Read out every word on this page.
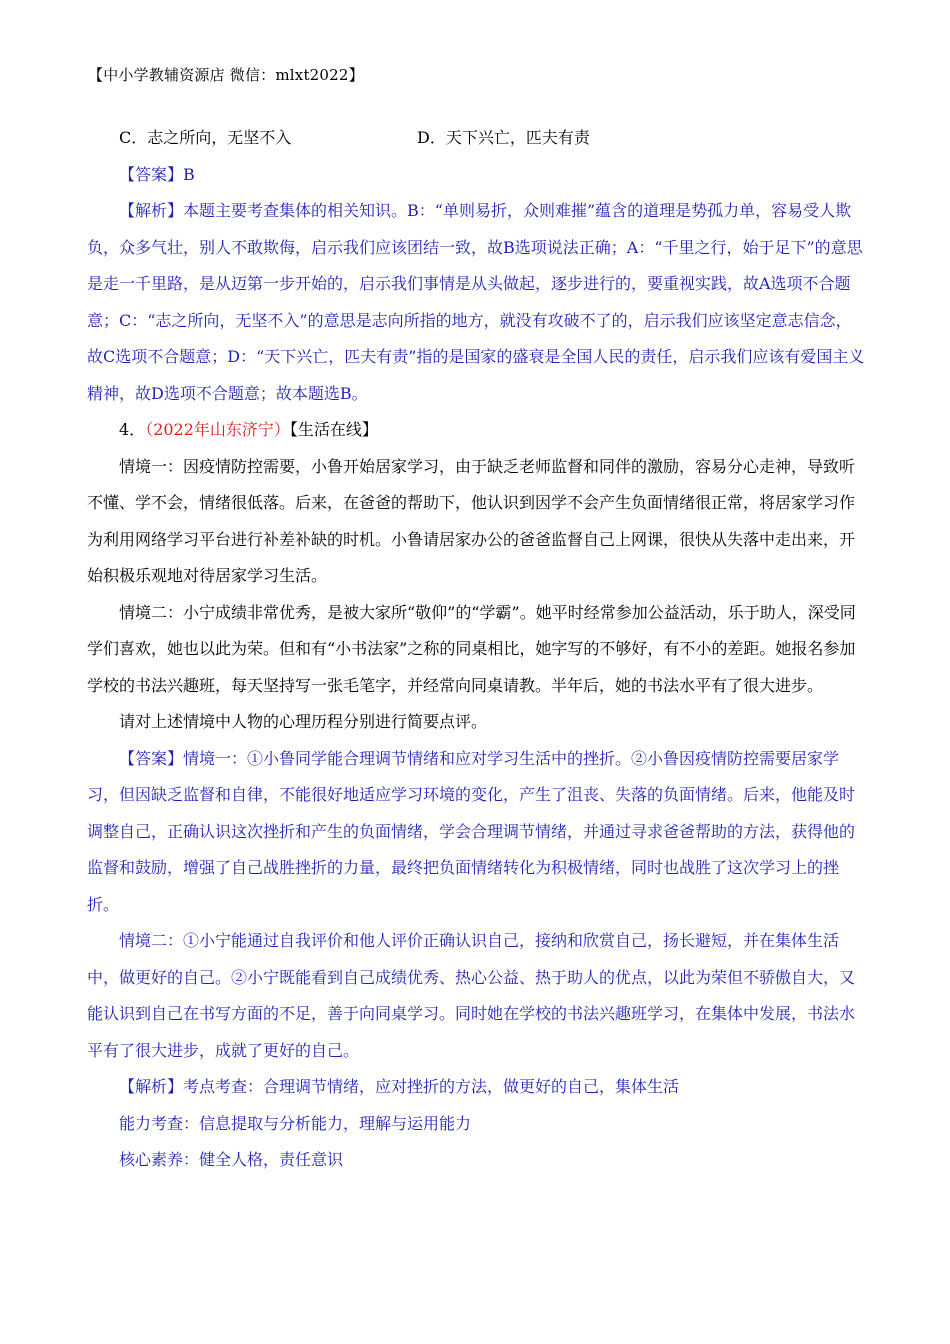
【中小学教辅资源店 微信：mlxt2022】
C．志之所向，无坚不入	D．天下兴亡，匹夫有责

【答案】B

【解析】本题主要考查集体的相关知识。B：“单则易折，众则难摧”蕴含的道理是势孤力单，容易受人欺负，众多气壮，别人不敢欺侮，启示我们应该团结一致，故B选项说法正确；A：“千里之行，始于足下”的意思是走一千里路，是从迈第一步开始的，启示我们事情是从头做起，逐步进行的，要重视实践，故A选项不合题意；C：“志之所向，无坚不入”的意思是志向所指的地方，就没有攻破不了的，启示我们应该坚定意志信念，故C选项不合题意；D：“天下兴亡，匹夫有责”指的是国家的盛衰是全国人民的责任，启示我们应该有爱国主义精神，故D选项不合题意；故本题选B。

4．（2022年山东济宁）【生活在线】

情境一：因疫情防控需要，小鲁开始居家学习，由于缺乏老师监督和同伴的激励，容易分心走神，导致听不懂、学不会，情绪很低落。后来，在爸爸的帮助下，他认识到因学不会产生负面情绪很正常，将居家学习作为利用网络学习平台进行补差补缺的时机。小鲁请居家办公的爸爸监督自己上网课，很快从失落中走出来，开始积极乐观地对待居家学习生活。

情境二：小宁成绩非常优秀，是被大家所“敬仰”的“学霸”。她平时经常参加公益活动，乐于助人，深受同学们喜欢，她也以此为荣。但和有“小书法家”之称的同桌相比，她字写的不够好，有不小的差距。她报名参加学校的书法兴趣班，每天坚持写一张毛笔字，并经常向同桌请教。半年后，她的书法水平有了很大进步。

请对上述情境中人物的心理历程分别进行简要点评。

【答案】情境一：①小鲁同学能合理调节情绪和应对学习生活中的挫折。②小鲁因疫情防控需要居家学习，但因缺乏监督和自律，不能很好地适应学习环境的变化，产生了沮丧、失落的负面情绪。后来，他能及时调整自己，正确认识这次挫折和产生的负面情绪，学会合理调节情绪，并通过寻求爸爸帮助的方法，获得他的监督和鼓励，增强了自己战胜挫折的力量，最终把负面情绪转化为积极情绪，同时也战胜了这次学习上的挫折。

情境二：①小宁能通过自我评价和他人评价正确认识自己，接纳和欣赏自己，扬长避短，并在集体生活中，做更好的自己。②小宁既能看到自己成绩优秀、热心公益、热于助人的优点，以此为荣但不骄傲自大，又能认识到自己在书写方面的不足，善于向同桌学习。同时她在学校的书法兴趣班学习，在集体中发展，书法水平有了很大进步，成就了更好的自己。

【解析】考点考查：合理调节情绪，应对挫折的方法，做更好的自己，集体生活

能力考查：信息提取与分析能力，理解与运用能力

核心素养：健全人格，责任意识
